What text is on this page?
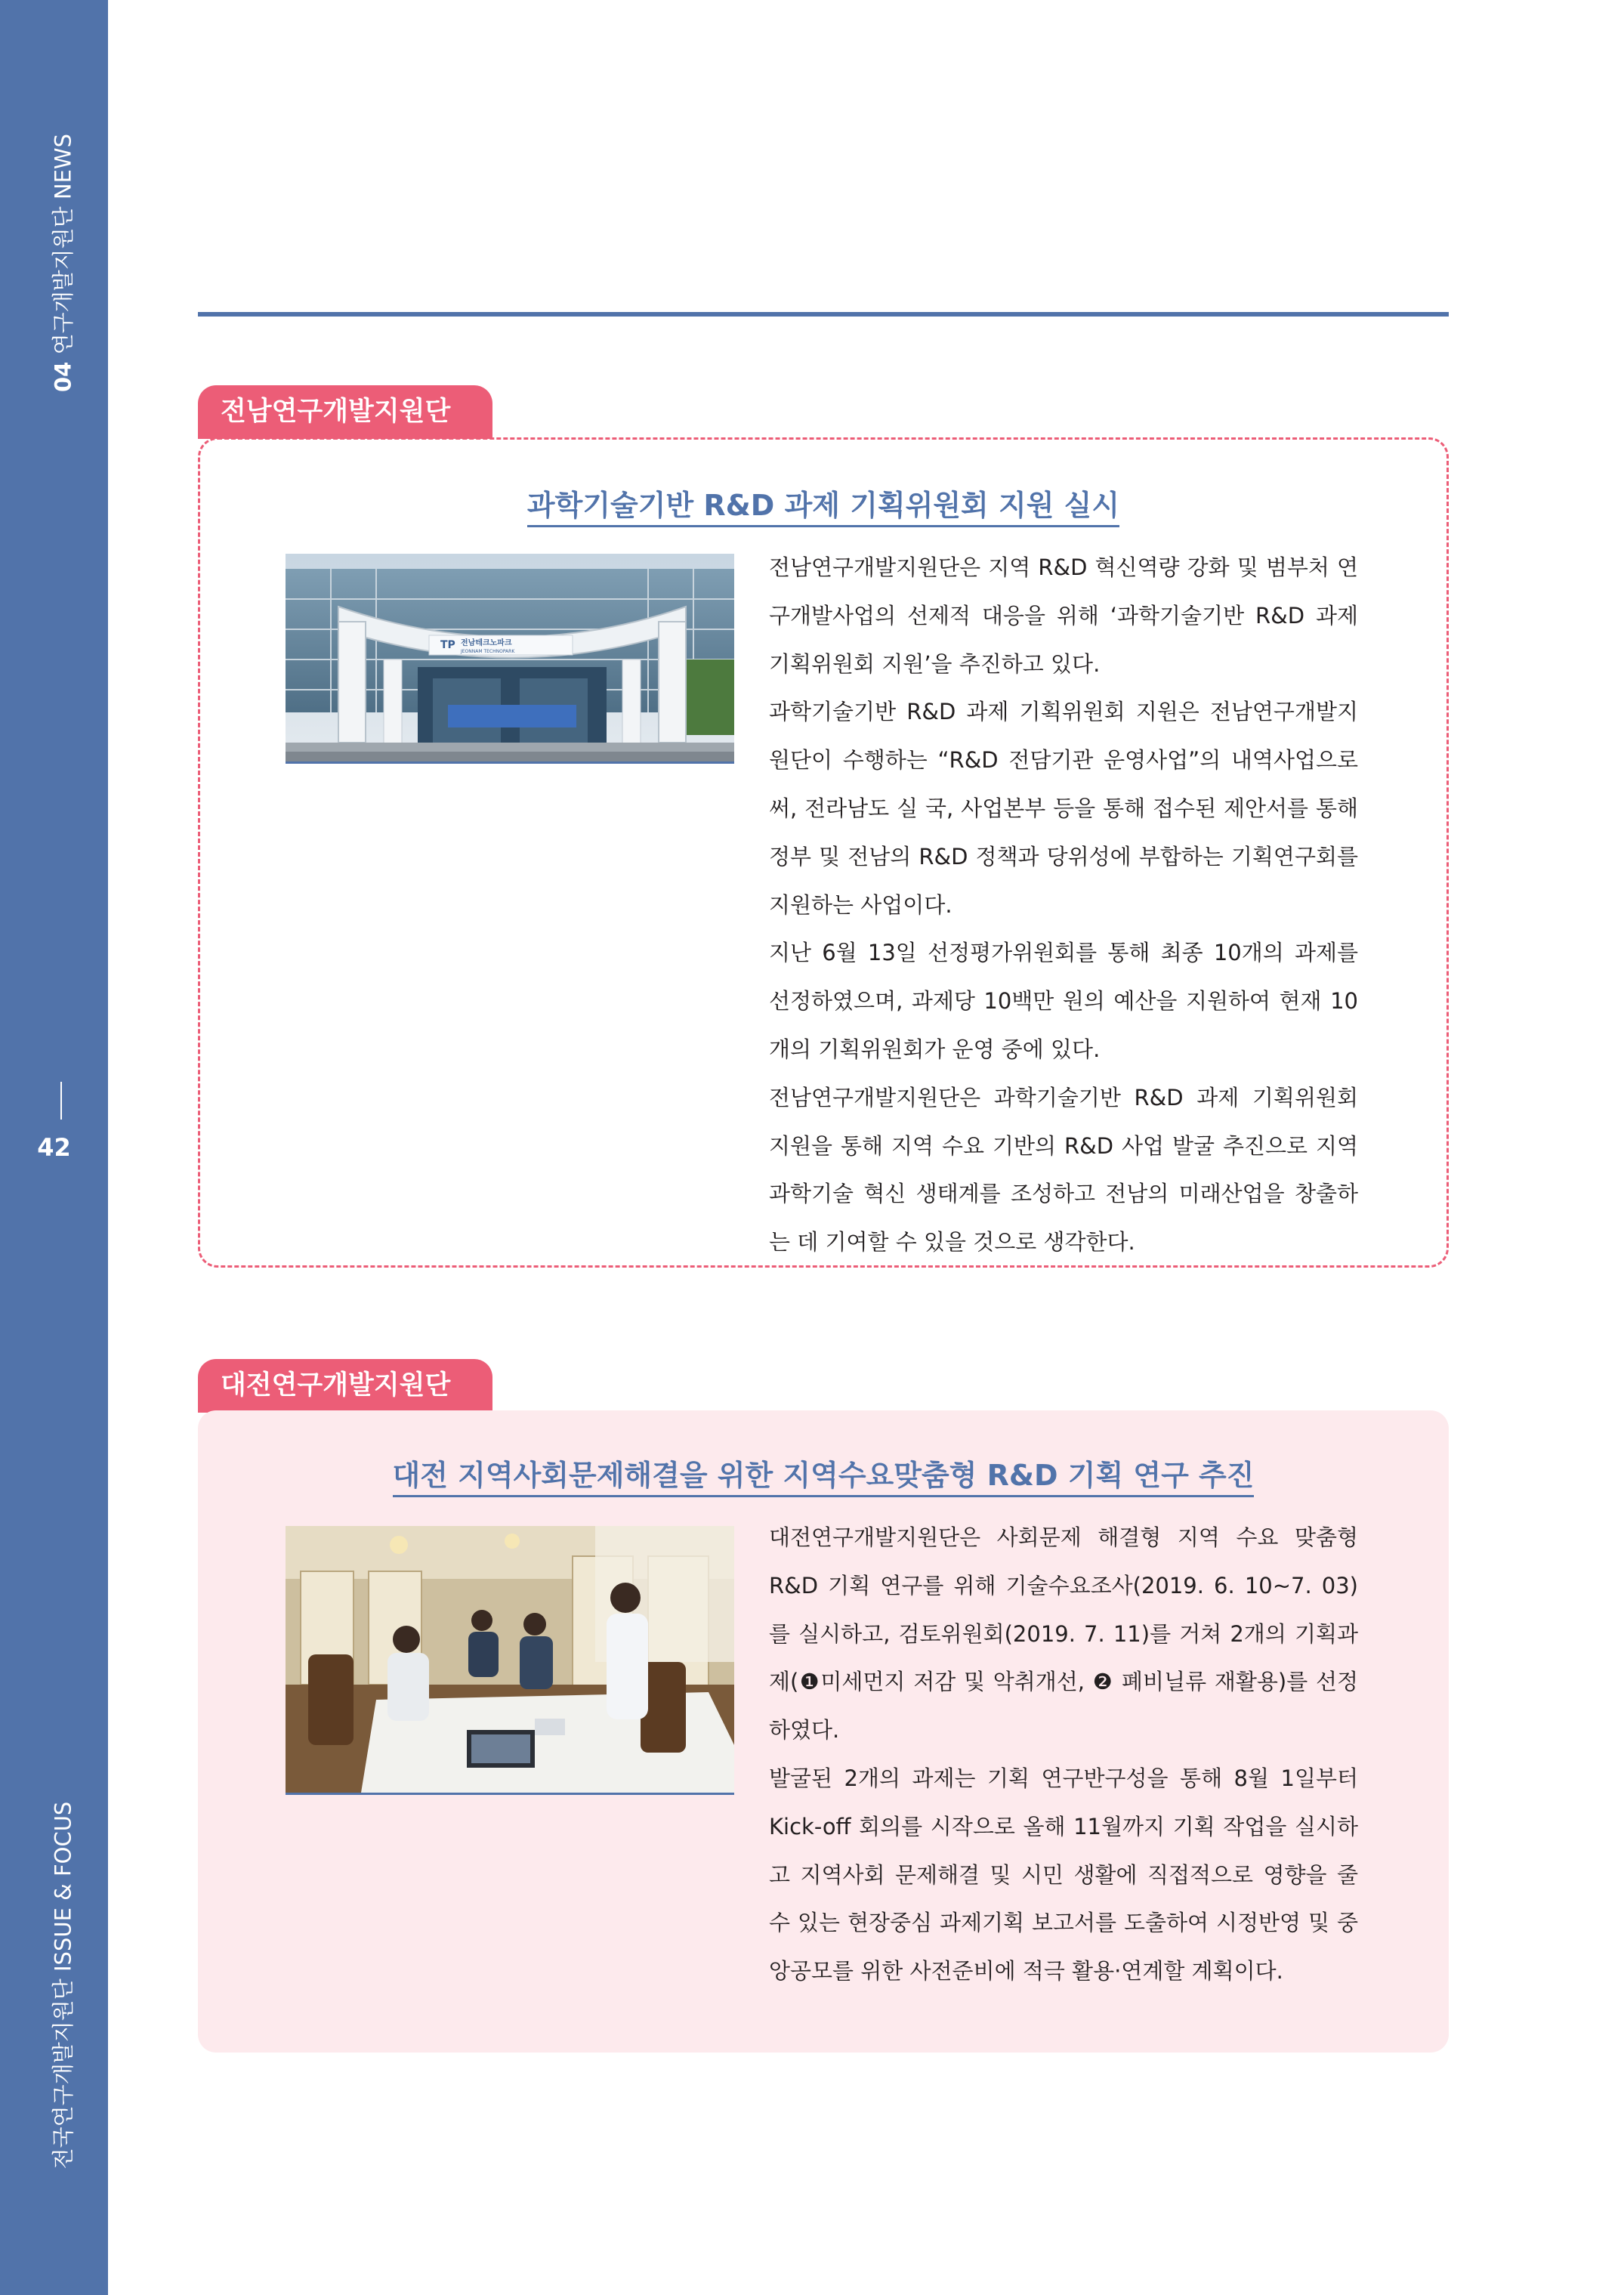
04 연구개발지원단 NEWS
42
전국연구개발지원단 ISSUE & FOCUS
전남연구개발지원단
과학기술기반 R&D 과제 기획위원회 지원 실시
TP 전남테크노파크
JEONNAM TECHNOPARK

전남연구개발지원단은 지역 R&D 혁신역량 강화 및 범부처 연구개발사업의 선제적 대응을 위해 ‘과학기술기반 R&D 과제 기획위원회 지원’을 추진하고 있다.

과학기술기반 R&D 과제 기획위원회 지원은 전남연구개발지원단이 수행하는 “R&D 전담기관 운영사업”의 내역사업으로써, 전라남도 실 국, 사업본부 등을 통해 접수된 제안서를 통해 정부 및 전남의 R&D 정책과 당위성에 부합하는 기획연구회를 지원하는 사업이다.

지난 6월 13일 선정평가위원회를 통해 최종 10개의 과제를 선정하였으며, 과제당 10백만 원의 예산을 지원하여 현재 10개의 기획위원회가 운영 중에 있다.

전남연구개발지원단은 과학기술기반 R&D 과제 기획위원회 지원을 통해 지역 수요 기반의 R&D 사업 발굴 추진으로 지역 과학기술 혁신 생태계를 조성하고 전남의 미래산업을 창출하는 데 기여할 수 있을 것으로 생각한다.

대전연구개발지원단
대전 지역사회문제해결을 위한 지역수요맞춤형 R&D 기획 연구 추진

대전연구개발지원단은 사회문제 해결형 지역 수요 맞춤형 R&D 기획 연구를 위해 기술수요조사(2019. 6. 10~7. 03)를 실시하고, 검토위원회(2019. 7. 11)를 거쳐 2개의 기획과제(❶미세먼지 저감 및 악취개선, ❷ 폐비닐류 재활용)를 선정하였다.

발굴된 2개의 과제는 기획 연구반구성을 통해 8월 1일부터 Kick-off 회의를 시작으로 올해 11월까지 기획 작업을 실시하고 지역사회 문제해결 및 시민 생활에 직접적으로 영향을 줄 수 있는 현장중심 과제기획 보고서를 도출하여 시정반영 및 중앙공모를 위한 사전준비에 적극 활용·연계할 계획이다.
